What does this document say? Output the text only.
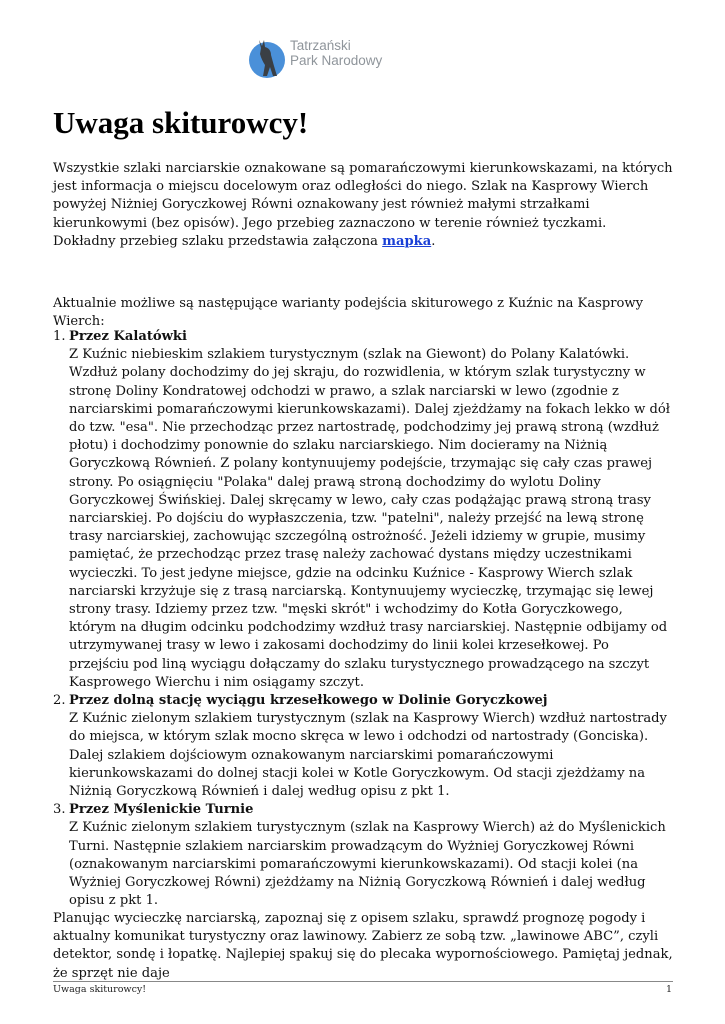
Tatrzański
Park Narodowy
Uwaga skiturowcy!

Wszystkie szlaki narciarskie oznakowane są pomarańczowymi kierunkowskazami, na których jest informacja o miejscu docelowym oraz odległości do niego. Szlak na Kasprowy Wierch powyżej Niżniej Goryczkowej Równi oznakowany jest również małymi strzałkami kierunkowymi (bez opisów). Jego przebieg zaznaczono w terenie również tyczkami. Dokładny przebieg szlaku przedstawia załączona mapka.

Aktualnie możliwe są następujące warianty podejścia skiturowego z Kuźnic na Kasprowy Wierch:

1. Przez Kalatówki
Z Kuźnic niebieskim szlakiem turystycznym (szlak na Giewont) do Polany Kalatówki. Wzdłuż polany dochodzimy do jej skraju, do rozwidlenia, w którym szlak turystyczny w stronę Doliny Kondratowej odchodzi w prawo, a szlak narciarski w lewo (zgodnie z narciarskimi pomarańczowymi kierunkowskazami). Dalej zjeżdżamy na fokach lekko w dół do tzw. "esa". Nie przechodząc przez nartostradę, podchodzimy jej prawą stroną (wzdłuż płotu) i dochodzimy ponownie do szlaku narciarskiego. Nim docieramy na Niżnią Goryczkową Równień. Z polany kontynuujemy podejście, trzymając się cały czas prawej strony. Po osiągnięciu "Polaka" dalej prawą stroną dochodzimy do wylotu Doliny Goryczkowej Świńskiej. Dalej skręcamy w lewo, cały czas podążając prawą stroną trasy narciarskiej. Po dojściu do wypłaszczenia, tzw. "patelni", należy przejść na lewą stronę trasy narciarskiej, zachowując szczególną ostrożność. Jeżeli idziemy w grupie, musimy pamiętać, że przechodząc przez trasę należy zachować dystans między uczestnikami wycieczki. To jest jedyne miejsce, gdzie na odcinku Kuźnice - Kasprowy Wierch szlak narciarski krzyżuje się z trasą narciarską. Kontynuujemy wycieczkę, trzymając się lewej strony trasy. Idziemy przez tzw. "męski skrót" i wchodzimy do Kotła Goryczkowego, którym na długim odcinku podchodzimy wzdłuż trasy narciarskiej. Następnie odbijamy od utrzymywanej trasy w lewo i zakosami dochodzimy do linii kolei krzesełkowej. Po przejściu pod liną wyciągu dołączamy do szlaku turystycznego prowadzącego na szczyt Kasprowego Wierchu i nim osiągamy szczyt.
2. Przez dolną stację wyciągu krzesełkowego w Dolinie Goryczkowej
Z Kuźnic zielonym szlakiem turystycznym (szlak na Kasprowy Wierch) wzdłuż nartostrady do miejsca, w którym szlak mocno skręca w lewo i odchodzi od nartostrady (Gonciska). Dalej szlakiem dojściowym oznakowanym narciarskimi pomarańczowymi kierunkowskazami do dolnej stacji kolei w Kotle Goryczkowym. Od stacji zjeżdżamy na Niżnią Goryczkową Równień i dalej według opisu z pkt 1.
3. Przez Myślenickie Turnie
Z Kuźnic zielonym szlakiem turystycznym (szlak na Kasprowy Wierch) aż do Myślenickich Turni. Następnie szlakiem narciarskim prowadzącym do Wyżniej Goryczkowej Równi (oznakowanym narciarskimi pomarańczowymi kierunkowskazami). Od stacji kolei (na Wyżniej Goryczkowej Równi) zjeżdżamy na Niżnią Goryczkową Równień i dalej według opisu z pkt 1.

Planując wycieczkę narciarską, zapoznaj się z opisem szlaku, sprawdź prognozę pogody i aktualny komunikat turystyczny oraz lawinowy. Zabierz ze sobą tzw. „lawinowe ABC”, czyli detektor, sondę i łopatkę. Najlepiej spakuj się do plecaka wypornościowego. Pamiętaj jednak, że sprzęt nie daje

Uwaga skiturowcy!	1
